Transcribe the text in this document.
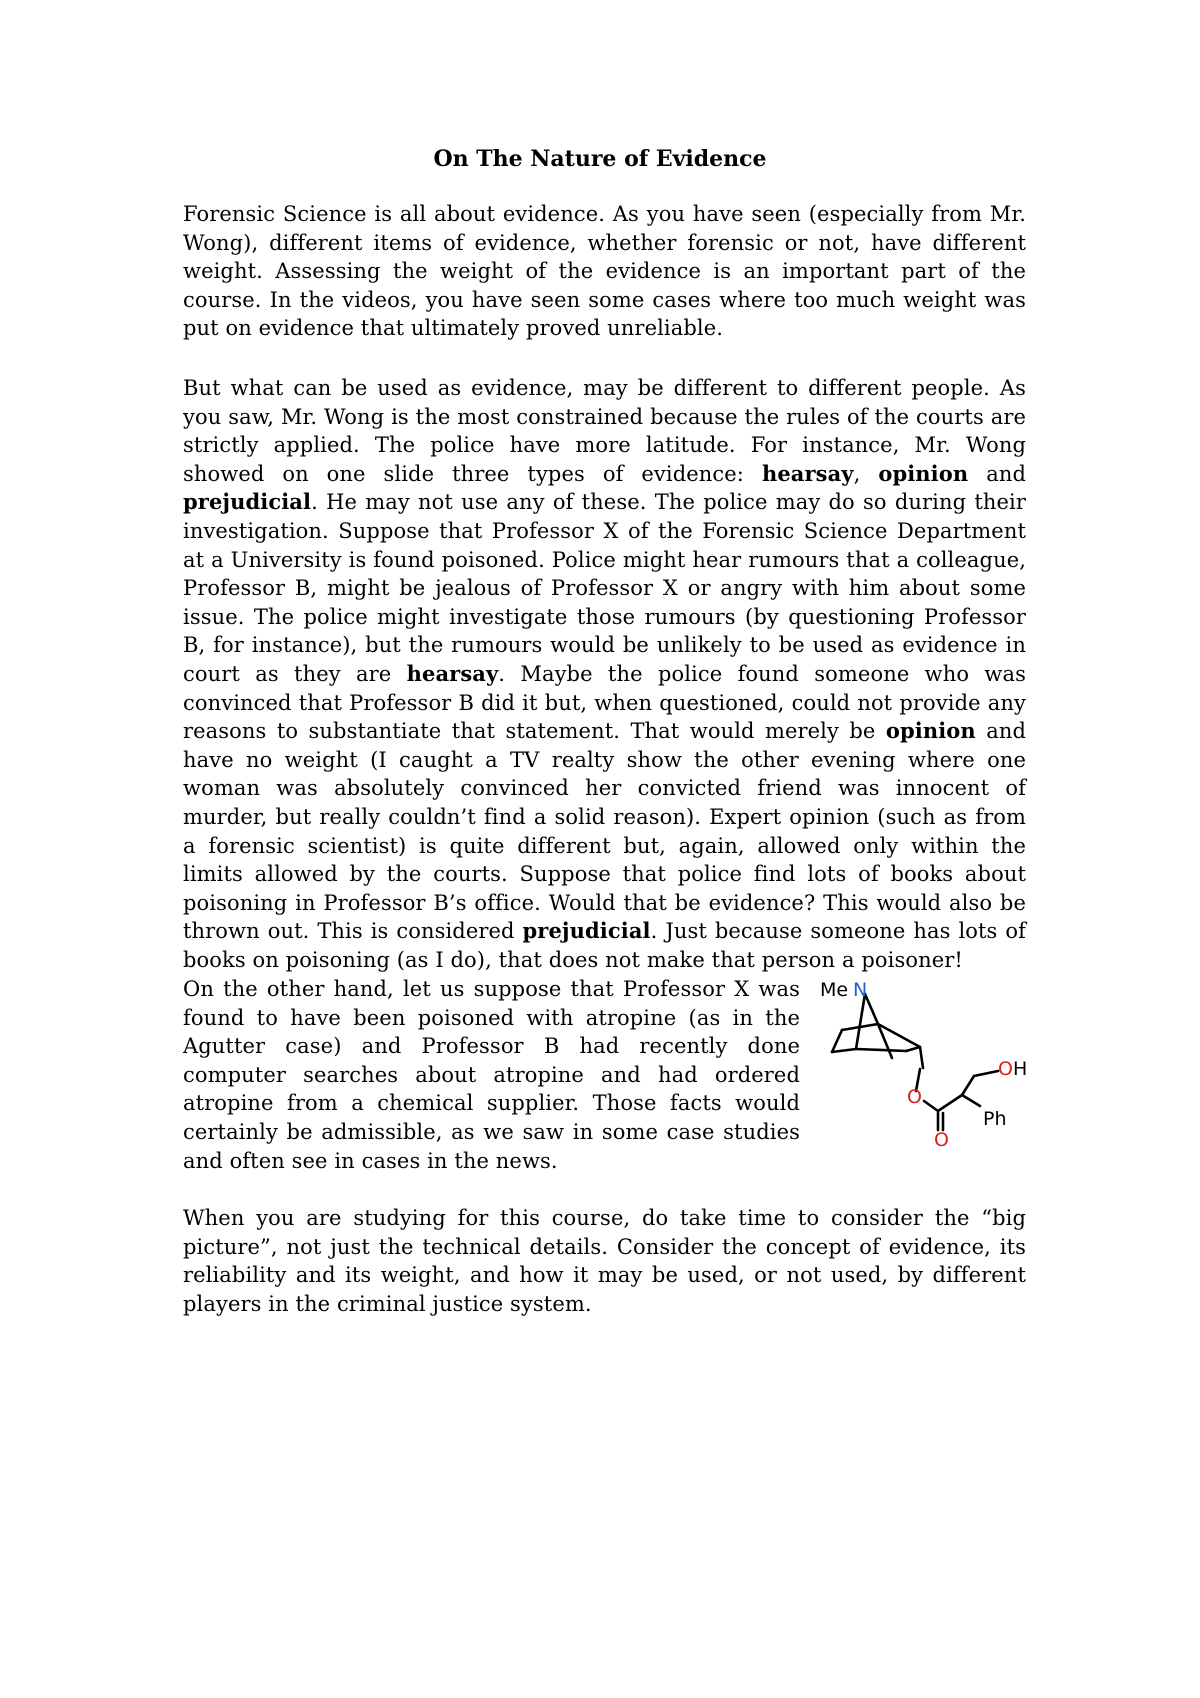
On The Nature of Evidence
Forensic Science is all about evidence. As you have seen (especially from Mr. Wong), different items of evidence, whether forensic or not, have different weight. Assessing the weight of the evidence is an important part of the course. In the videos, you have seen some cases where too much weight was put on evidence that ultimately proved unreliable.
But what can be used as evidence, may be different to different people. As you saw, Mr. Wong is the most constrained because the rules of the courts are strictly applied. The police have more latitude. For instance, Mr. Wong showed on one slide three types of evidence: hearsay, opinion and prejudicial. He may not use any of these. The police may do so during their investigation. Suppose that Professor X of the Forensic Science Department at a University is found poisoned. Police might hear rumours that a colleague, Professor B, might be jealous of Professor X or angry with him about some issue. The police might investigate those rumours (by questioning Professor B, for instance), but the rumours would be unlikely to be used as evidence in court as they are hearsay. Maybe the police found someone who was convinced that Professor B did it but, when questioned, could not provide any reasons to substantiate that statement. That would merely be opinion and have no weight (I caught a TV realty show the other evening where one woman was absolutely convinced her convicted friend was innocent of murder, but really couldn’t find a solid reason). Expert opinion (such as from a forensic scientist) is quite different but, again, allowed only within the limits allowed by the courts. Suppose that police find lots of books about poisoning in Professor B’s office. Would that be evidence? This would also be thrown out. This is considered prejudicial. Just because someone has lots of books on poisoning (as I do), that does not make that person a poisoner!
On the other hand, let us suppose that Professor X was found to have been poisoned with atropine (as in the Agutter case) and Professor B had recently done computer searches about atropine and had ordered atropine from a chemical supplier. Those facts would certainly be admissible, as we saw in some case studies and often see in cases in the news.
Me N
O
O
O H
Ph
When you are studying for this course, do take time to consider the “big picture”, not just the technical details. Consider the concept of evidence, its reliability and its weight, and how it may be used, or not used, by different players in the criminal justice system.
